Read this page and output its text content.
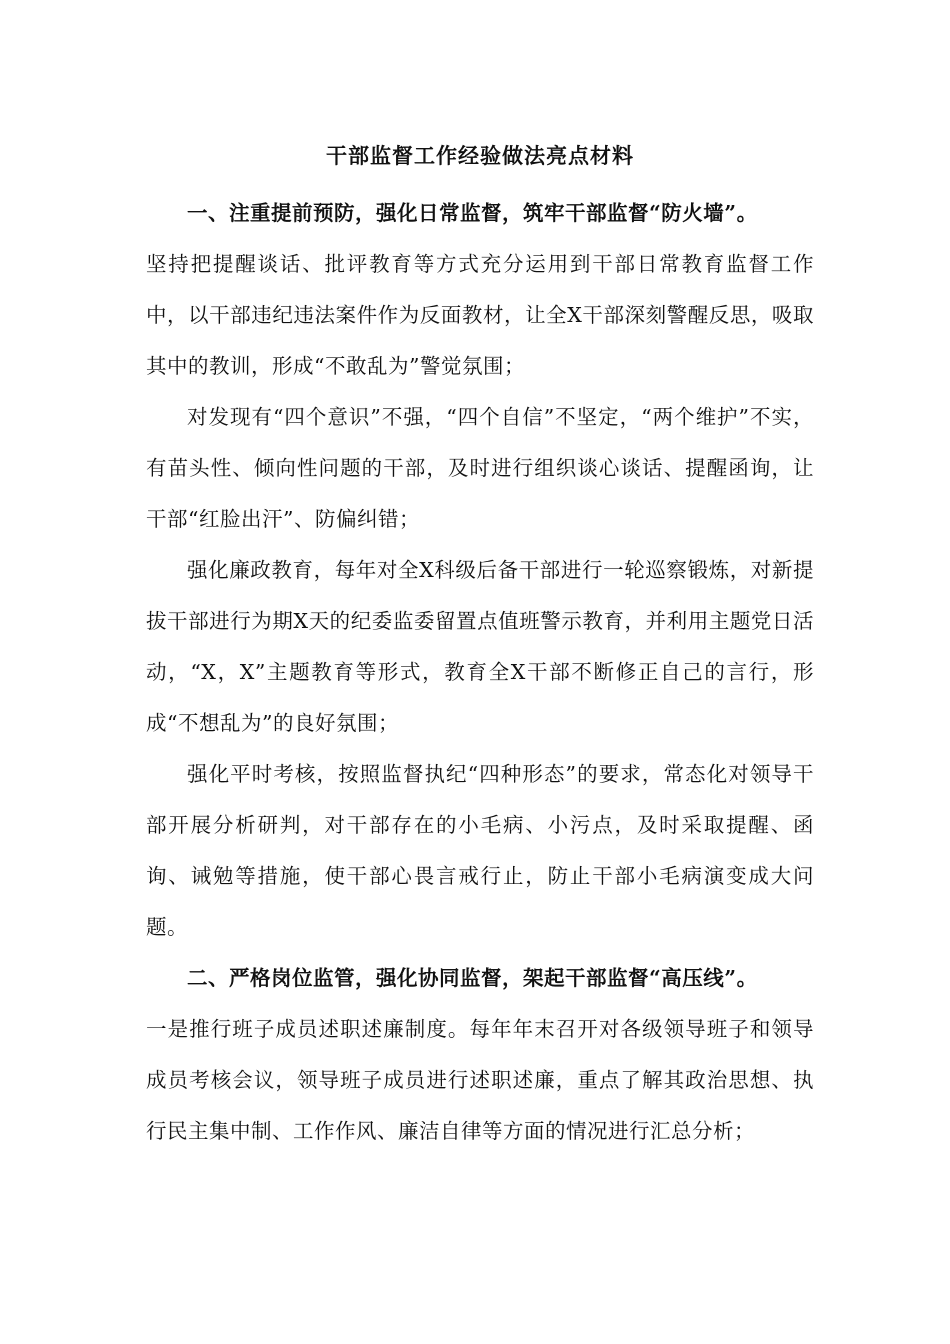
干部监督工作经验做法亮点材料

一、注重提前预防，强化日常监督，筑牢干部监督“防火墙”。

坚持把提醒谈话、批评教育等方式充分运用到干部日常教育监督工作中，以干部违纪违法案件作为反面教材，让全X干部深刻警醒反思，吸取其中的教训，形成“不敢乱为”警觉氛围；

对发现有“四个意识”不强，“四个自信”不坚定，“两个维护”不实，有苗头性、倾向性问题的干部，及时进行组织谈心谈话、提醒函询，让干部“红脸出汗”、防偏纠错；

强化廉政教育，每年对全X科级后备干部进行一轮巡察锻炼，对新提拔干部进行为期X天的纪委监委留置点值班警示教育，并利用主题党日活动，“X，X”主题教育等形式，教育全X干部不断修正自己的言行，形成“不想乱为”的良好氛围；

强化平时考核，按照监督执纪“四种形态”的要求，常态化对领导干部开展分析研判，对干部存在的小毛病、小污点，及时采取提醒、函询、诫勉等措施，使干部心畏言戒行止，防止干部小毛病演变成大问题。

二、严格岗位监管，强化协同监督，架起干部监督“高压线”。

一是推行班子成员述职述廉制度。每年年末召开对各级领导班子和领导成员考核会议，领导班子成员进行述职述廉，重点了解其政治思想、执行民主集中制、工作作风、廉洁自律等方面的情况进行汇总分析；
